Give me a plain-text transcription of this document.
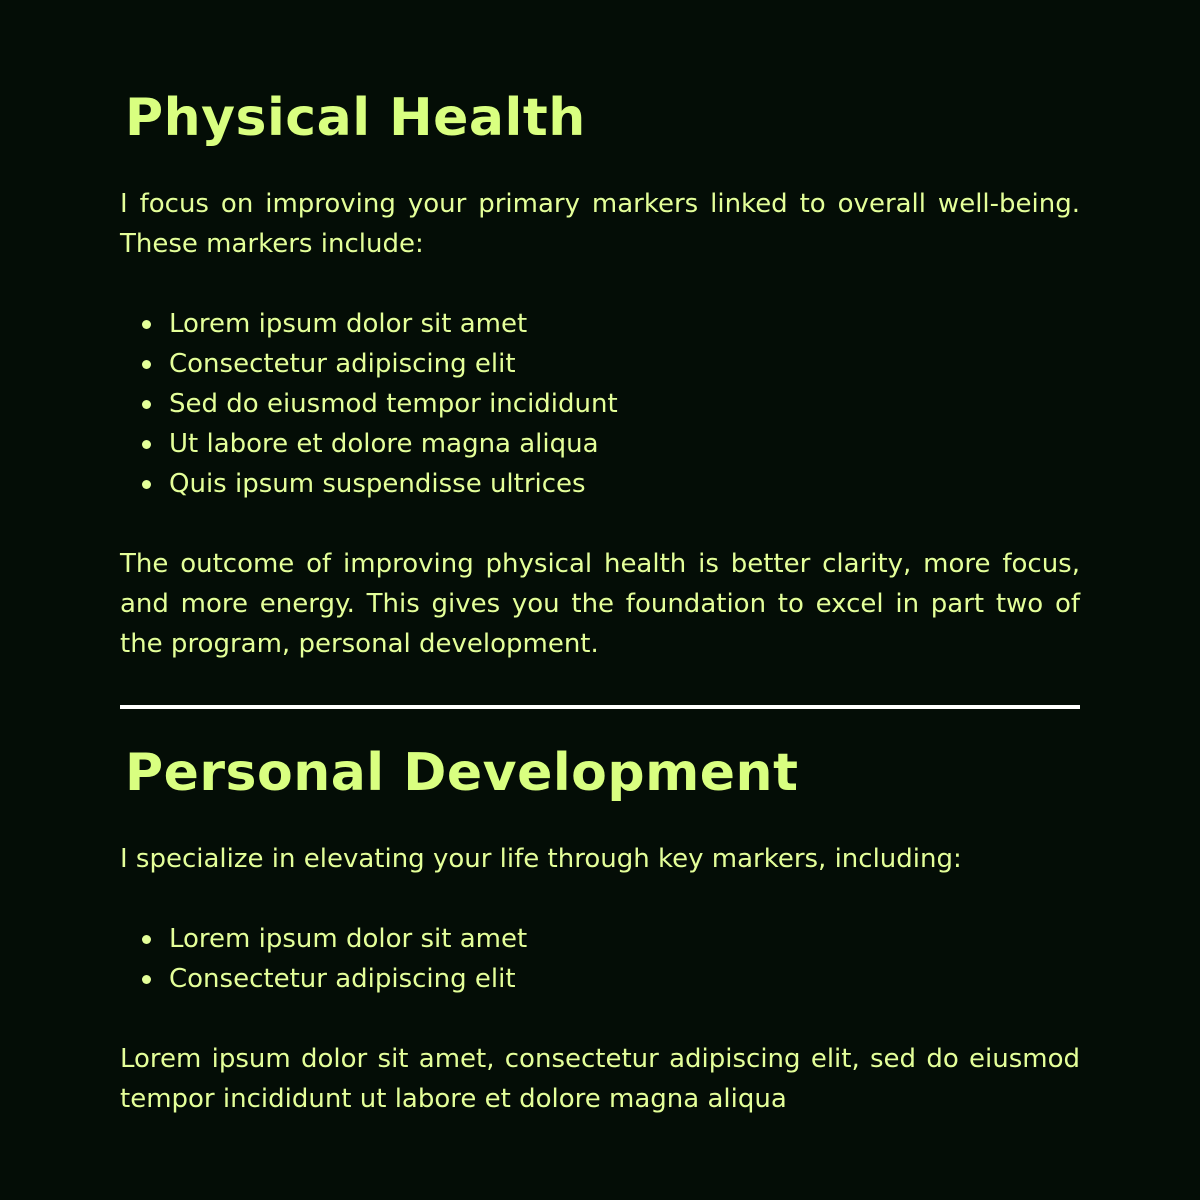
Physical Health

I focus on improving your primary markers linked to overall well-being. These markers include:

Lorem ipsum dolor sit amet
Consectetur adipiscing elit
Sed do eiusmod tempor incididunt
Ut labore et dolore magna aliqua
Quis ipsum suspendisse ultrices

The outcome of improving physical health is better clarity, more focus, and more energy. This gives you the foundation to excel in part two of the program, personal development.

Personal Development

I specialize in elevating your life through key markers, including:

Lorem ipsum dolor sit amet
Consectetur adipiscing elit

Lorem ipsum dolor sit amet, consectetur adipiscing elit, sed do eiusmod tempor incididunt ut labore et dolore magna aliqua
